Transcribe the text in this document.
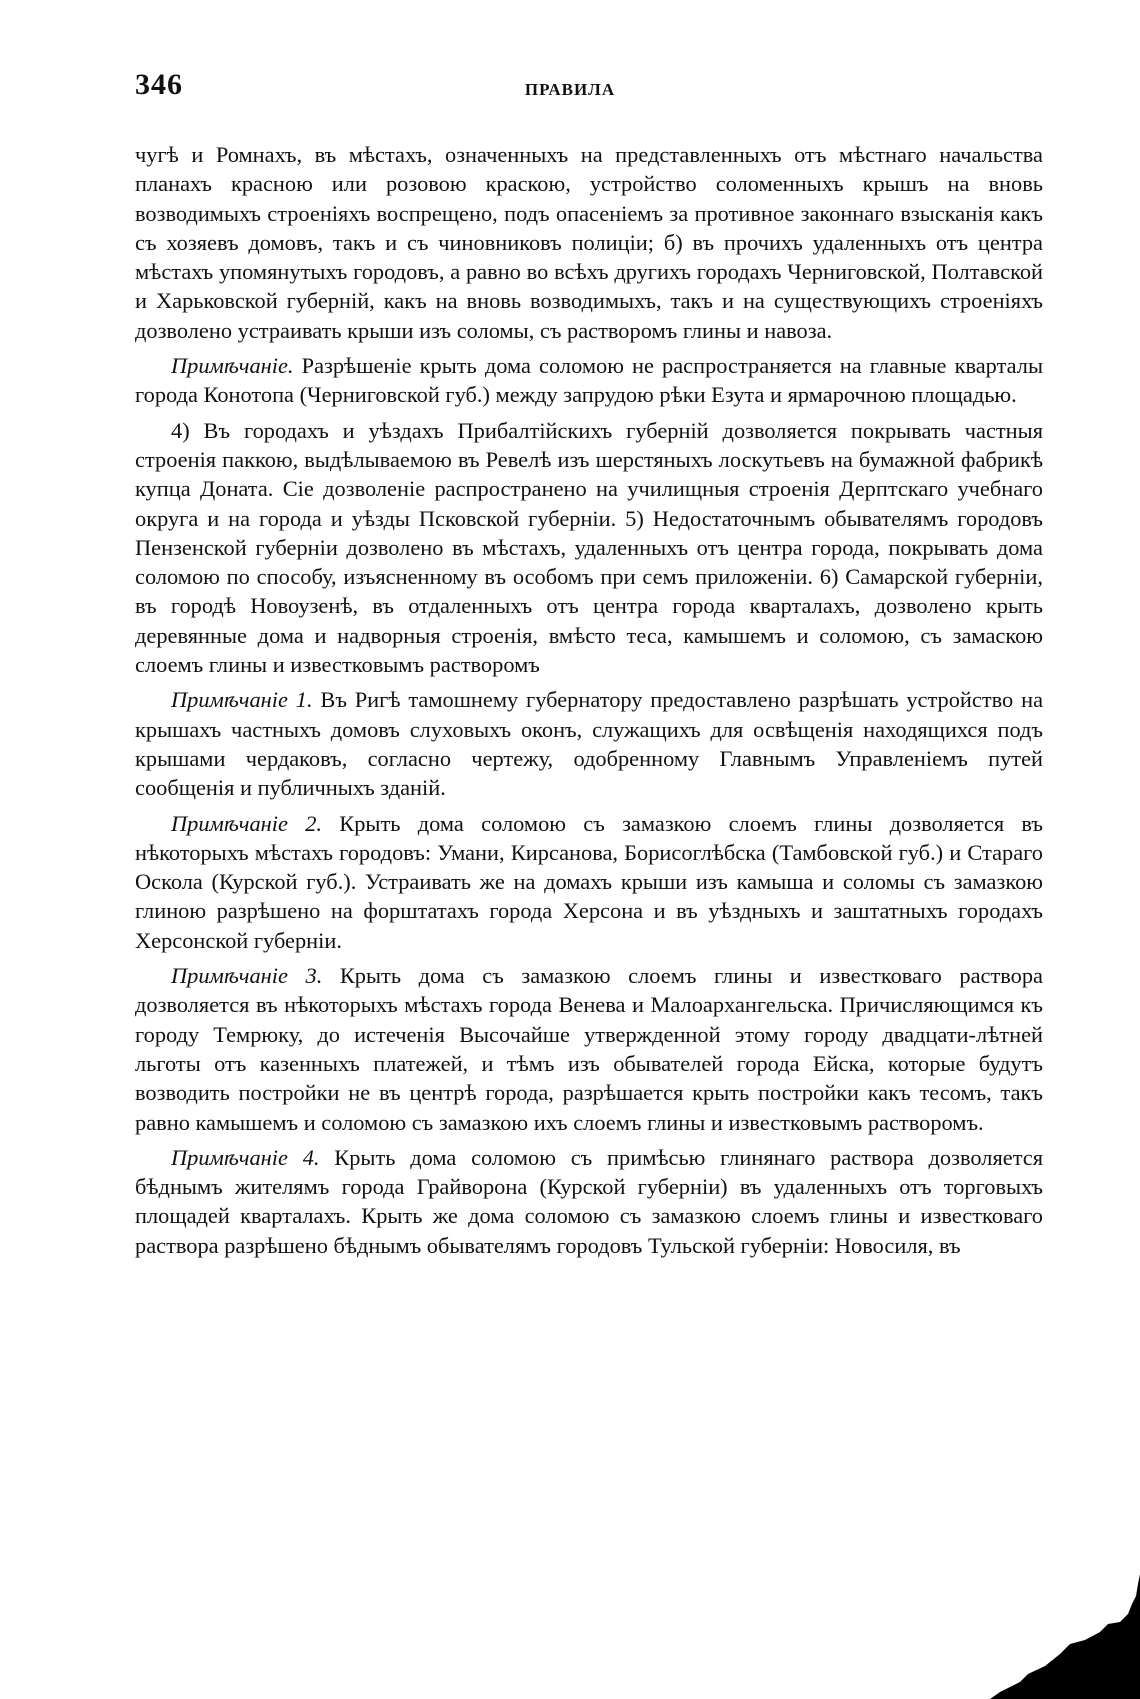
346	ПРАВИЛА

чугѣ и Ромнахъ, въ мѣстахъ, означенныхъ на представленныхъ отъ мѣстнаго начальства планахъ красною или розовою краскою, устройство соломенныхъ крышъ на вновь возводимыхъ строеніяхъ воспрещено, подъ опасеніемъ за противное законнаго взысканія какъ съ хозяевъ домовъ, такъ и съ чиновниковъ полиціи; б) въ прочихъ удаленныхъ отъ центра мѣстахъ упомянутыхъ городовъ, а равно во всѣхъ другихъ городахъ Черниговской, Полтавской и Харьковской губерній, какъ на вновь возводимыхъ, такъ и на существующихъ строеніяхъ дозволено устраивать крыши изъ соломы, съ растворомъ глины и навоза.

Примѣчаніе. Разрѣшеніе крыть дома соломою не распространяется на главные кварталы города Конотопа (Черниговской губ.) между запрудою рѣки Езута и ярмарочною площадью.

4) Въ городахъ и уѣздахъ Прибалтійскихъ губерній дозволяется покрывать частныя строенія паккою, выдѣлываемою въ Ревелѣ изъ шерстяныхъ лоскутьевъ на бумажной фабрикѣ купца Доната. Сіе дозволеніе распространено на училищныя строенія Дерптскаго учебнаго округа и на города и уѣзды Псковской губерніи. 5) Недостаточнымъ обывателямъ городовъ Пензенской губерніи дозволено въ мѣстахъ, удаленныхъ отъ центра города, покрывать дома соломою по способу, изъясненному въ особомъ при семъ приложеніи. 6) Самарской губерніи, въ городѣ Новоузенѣ, въ отдаленныхъ отъ центра города кварталахъ, дозволено крыть деревянные дома и надворныя строенія, вмѣсто теса, камышемъ и соломою, съ замаскою слоемъ глины и известковымъ растворомъ

Примѣчаніе 1. Въ Ригѣ тамошнему губернатору предоставлено разрѣшать устройство на крышахъ частныхъ домовъ слуховыхъ оконъ, служащихъ для освѣщенія находящихся подъ крышами чердаковъ, согласно чертежу, одобренному Главнымъ Управленіемъ путей сообщенія и публичныхъ зданій.

Примѣчаніе 2. Крыть дома соломою съ замазкою слоемъ глины дозволяется въ нѣкоторыхъ мѣстахъ городовъ: Умани, Кирсанова, Борисоглѣбска (Тамбовской губ.) и Стараго Оскола (Курской губ.). Устраивать же на домахъ крыши изъ камыша и соломы съ замазкою глиною разрѣшено на форштатахъ города Херсона и въ уѣздныхъ и заштатныхъ городахъ Херсонской губерніи.

Примѣчаніе 3. Крыть дома съ замазкою слоемъ глины и известковаго раствора дозволяется въ нѣкоторыхъ мѣстахъ города Венева и Малоархангельска. Причисляющимся къ городу Темрюку, до истеченія Высочайше утвержденной этому городу двадцати-лѣтней льготы отъ казенныхъ платежей, и тѣмъ изъ обывателей города Ейска, которые будутъ возводить постройки не въ центрѣ города, разрѣшается крыть постройки какъ тесомъ, такъ равно камышемъ и соломою съ замазкою ихъ слоемъ глины и известковымъ растворомъ.

Примѣчаніе 4. Крыть дома соломою съ примѣсью глинянаго раствора дозволяется бѣднымъ жителямъ города Грайворона (Курской губерніи) въ удаленныхъ отъ торговыхъ площадей кварталахъ. Крыть же дома соломою съ замазкою слоемъ глины и известковаго раствора разрѣшено бѣднымъ обывателямъ городовъ Тульской губерніи: Новосиля, въ
